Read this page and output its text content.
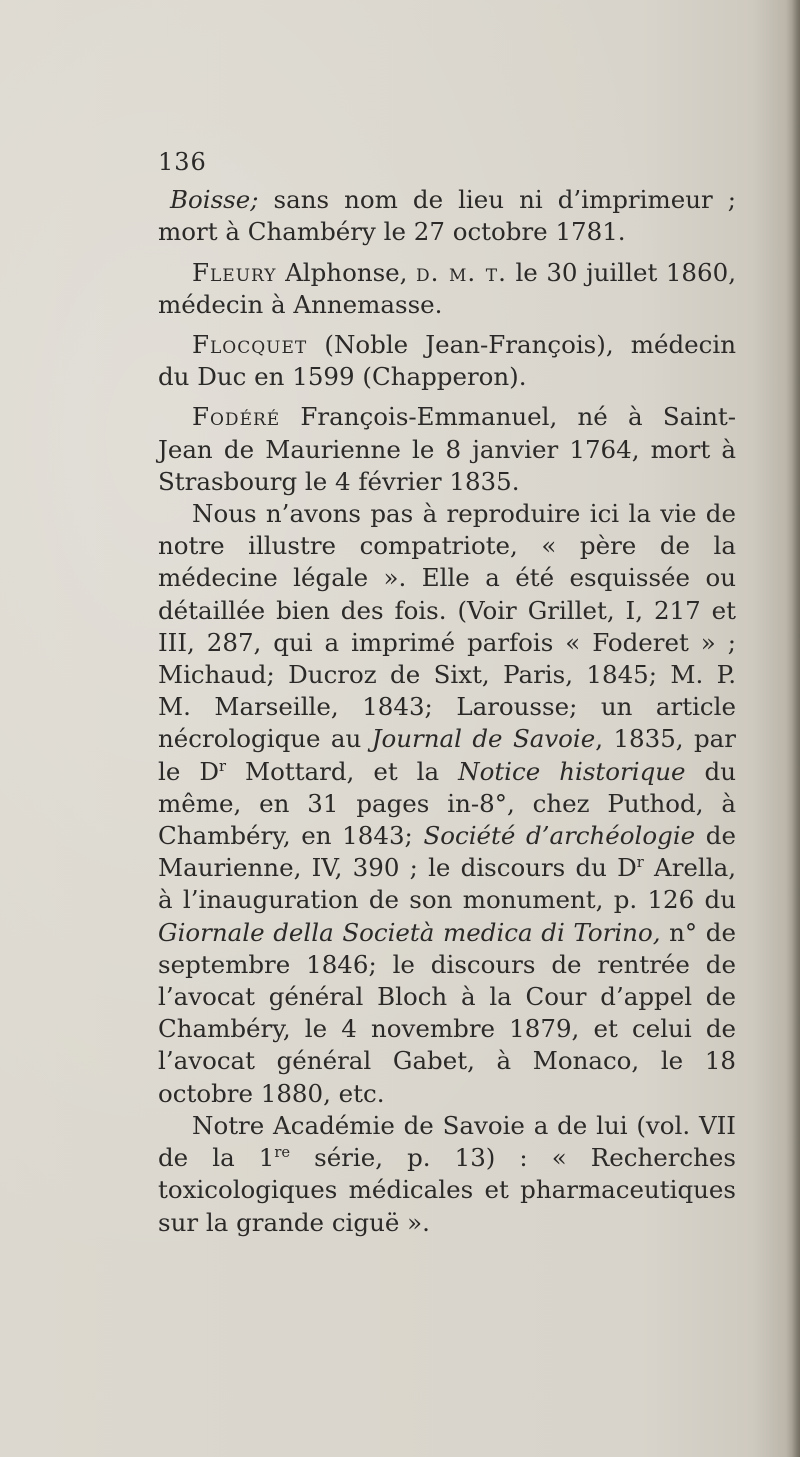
136

Boisse; sans nom de lieu ni d’imprimeur ; mort à Chambéry le 27 octobre 1781.

Fleury Alphonse, d. m. t. le 30 juillet 1860, médecin à Annemasse.

Flocquet (Noble Jean-François), médecin du Duc en 1599 (Chapperon).

Fodéré François-Emmanuel, né à Saint-Jean de Maurienne le 8 janvier 1764, mort à Strasbourg le 4 février 1835.

Nous n’avons pas à reproduire ici la vie de notre illustre compatriote, « père de la médecine légale ». Elle a été esquissée ou détaillée bien des fois. (Voir Grillet, I, 217 et III, 287, qui a imprimé parfois « Foderet » ; Michaud; Ducroz de Sixt, Paris, 1845; M. P. M. Marseille, 1843; Larousse; un article nécrologique au Journal de Savoie, 1835, par le $D^r$ Mottard, et la Notice historique du même, en 31 pages in-8°, chez Puthod, à Chambéry, en 1843; Société d’archéologie de Maurienne, IV, 390 ; le discours du $D^r$ Arella, à l’inauguration de son monument, p. 126 du Giornale della Società medica di Torino, n° de septembre 1846; le discours de rentrée de l’avocat général Bloch à la Cour d’appel de Chambéry, le 4 novembre 1879, et celui de l’avocat général Gabet, à Monaco, le 18 octobre 1880, etc.

Notre Académie de Savoie a de lui (vol. VII de la 1re série, p. 13) : « Recherches toxicologiques médicales et pharmaceutiques sur la grande ciguë ».
